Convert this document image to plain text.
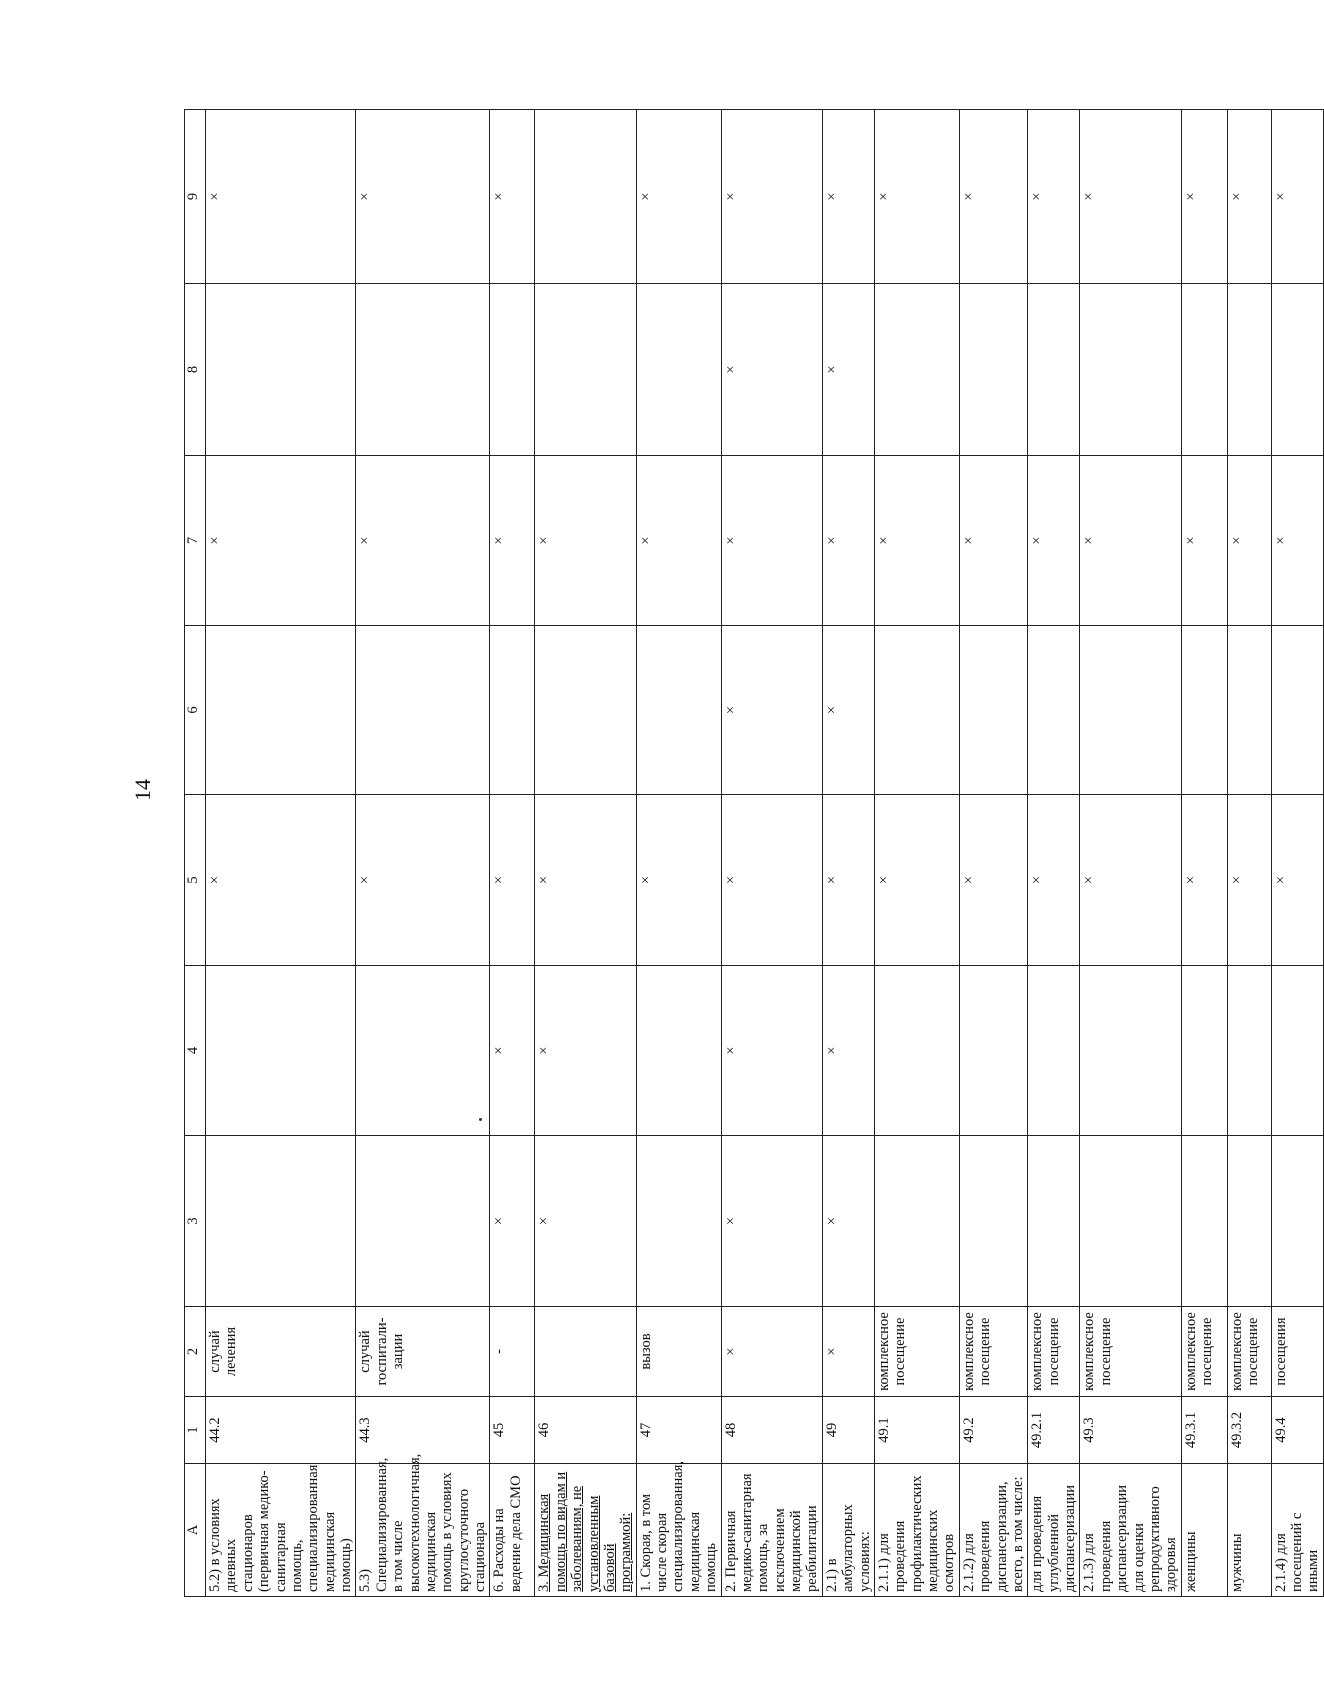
14
A	1	2	3	4	5	6	7	8	9
5.2) в условиях дневных стационаров (первичная медико-санитарная помощь, специализированная медицинская помощь)	44.2	случай лечения			×		×		×
5.3) Специализированная, в том числе высокотехнологичная, медицинская помощь в условиях круглосуточного стационара	44.3	случай госпитали-зации			×		×		×
6. Расходы на ведение дела СМО	45	-	×	×	×		×		×
3. Медицинская помощь по видам и заболеваниям, не установленным базовой программой:	46		×	×	×		×		
1. Скорая, в том числе скорая специализированная, медицинская помощь	47	вызов			×		×		×
2. Первичная медико-санитарная помощь, за исключением медицинской реабилитации	48	×	×	×	×	×	×	×	×
2.1) в амбулаторных условиях:	49	×	×	×	×	×	×	×	×
2.1.1) для проведения профилактических медицинских осмотров	49.1	комплексное посещение			×		×		×
2.1.2) для проведения диспансеризации, всего, в том числе:	49.2	комплексное посещение			×		×		×
для проведения углубленной диспансеризации	49.2.1	комплексное посещение			×		×		×
2.1.3) для проведения диспансеризации для оценки репродуктивного здоровья	49.3	комплексное посещение			×		×		×
женщины	49.3.1	комплексное посещение			×		×		×
мужчины	49.3.2	комплексное посещение			×		×		×
2.1.4) для посещений с иными	49.4	посещения			×		×		×
